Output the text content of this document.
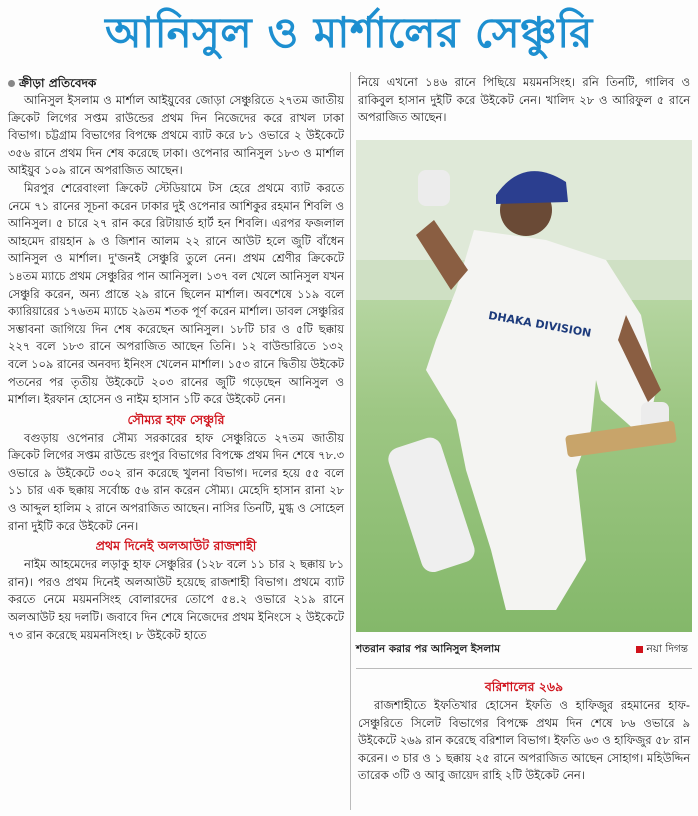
আনিসুল ও মার্শালের সেঞ্চুরি
ক্রীড়া প্রতিবেদক

আনিসুল ইসলাম ও মার্শাল আইয়ুবের জোড়া সেঞ্চুরিতে ২৭তম জাতীয় ক্রিকেট লিগের সপ্তম রাউন্ডের প্রথম দিন নিজেদের করে রাখল ঢাকা বিভাগ। চট্টগ্রাম বিভাগের বিপক্ষে প্রথমে ব্যাট করে ৮১ ওভারে ২ উইকেটে ৩৫৬ রানে প্রথম দিন শেষ করেছে ঢাকা। ওপেনার আনিসুল ১৮৩ ও মার্শাল আইয়ুব ১০৯ রানে অপরাজিত আছেন।

মিরপুর শেরেবাংলা ক্রিকেট স্টেডিয়ামে টস হেরে প্রথমে ব্যাট করতে নেমে ৭১ রানের সূচনা করেন ঢাকার দুই ওপেনার আশিকুর রহমান শিবলি ও আনিসুল। ৫ চারে ২৭ রান করে রিটায়ার্ড হার্ট হন শিবলি। এরপর ফজলাল আহমেদ রায়হান ৯ ও জিশান আলম ২২ রানে আউট হলে জুটি বাঁধেন আনিসুল ও মার্শাল। দু'জনই সেঞ্চুরি তুলে নেন। প্রথম শ্রেণীর ক্রিকেটে ১৪তম ম্যাচে প্রথম সেঞ্চুরির পান আনিসুল। ১৩৭ বল খেলে আনিসুল যখন সেঞ্চুরি করেন, অন্য প্রান্তে ২৯ রানে ছিলেন মার্শাল। অবশেষে ১১৯ বলে ক্যারিয়ারের ১৭৬তম ম্যাচে ২৯তম শতক পূর্ণ করেন মার্শাল। ডাবল সেঞ্চুরির সম্ভাবনা জাগিয়ে দিন শেষ করেছেন আনিসুল। ১৮টি চার ও ৫টি ছক্কায় ২২৭ বলে ১৮৩ রানে অপরাজিত আছেন তিনি। ১২ বাউন্ডারিতে ১৩২ বলে ১০৯ রানের অনবদ্য ইনিংস খেলেন মার্শাল। ১৫৩ রানে দ্বিতীয় উইকেট পতনের পর তৃতীয় উইকেটে ২০৩ রানের জুটি গড়েছেন আনিসুল ও মার্শাল। ইরফান হোসেন ও নাইম হাসান ১টি করে উইকেট নেন।

সৌম্যর হাফ সেঞ্চুরি

বগুড়ায় ওপেনার সৌম্য সরকারের হাফ সেঞ্চুরিতে ২৭তম জাতীয় ক্রিকেট লিগের সপ্তম রাউন্ডে রংপুর বিভাগের বিপক্ষে প্রথম দিন শেষে ৭৮.৩ ওভারে ৯ উইকেটে ৩০২ রান করেছে খুলনা বিভাগ। দলের হয়ে ৫৫ বলে ১১ চার এক ছক্কায় সর্বোচ্চ ৫৬ রান করেন সৌম্য। মেহেদি হাসান রানা ২৮ ও আব্দুল হালিম ২ রানে অপরাজিত আছেন। নাসির তিনটি, মুগ্ধ ও সোহেল রানা দুইটি করে উইকেট নেন।

প্রথম দিনেই অলআউট রাজশাহী

নাইম আহমেদের লড়াকু হাফ সেঞ্চুরির (১২৮ বলে ১১ চার ২ ছক্কায় ৮১ রান)। পরও প্রথম দিনেই অলআউট হয়েছে রাজশাহী বিভাগ। প্রথমে ব্যাট করতে নেমে ময়মনসিংহ বোলারদের তোপে ৫৪.২ ওভারে ২১৯ রানে অলআউট হয় দলটি। জবাবে দিন শেষে নিজেদের প্রথম ইনিংসে ২ উইকেটে ৭৩ রান করেছে ময়মনসিংহ। ৮ উইকেট হাতে

নিয়ে এখনো ১৪৬ রানে পিছিয়ে ময়মনসিংহ। রনি তিনটি, গালিব ও রাকিবুল হাসান দুইটি করে উইকেট নেন। খালিদ ২৮ ও আরিফুল ৫ রানে অপরাজিত আছেন।

DHAKA DIVISION
শতরান করার পর আনিসুল ইসলাম	নয়া দিগন্ত
বরিশালের ২৬৯

রাজশাহীতে ইফতিখার হোসেন ইফতি ও হাফিজুর রহমানের হাফ-সেঞ্চুরিতে সিলেট বিভাগের বিপক্ষে প্রথম দিন শেষে ৮৬ ওভারে ৯ উইকেটে ২৬৯ রান করেছে বরিশাল বিভাগ। ইফতি ৬৩ ও হাফিজুর ৫৮ রান করেন। ৩ চার ও ১ ছক্কায় ২৫ রানে অপরাজিত আছেন সোহাগ। মহিউদ্দিন তারেক ৩টি ও আবু জায়েদ রাহি ২টি উইকেট নেন।
